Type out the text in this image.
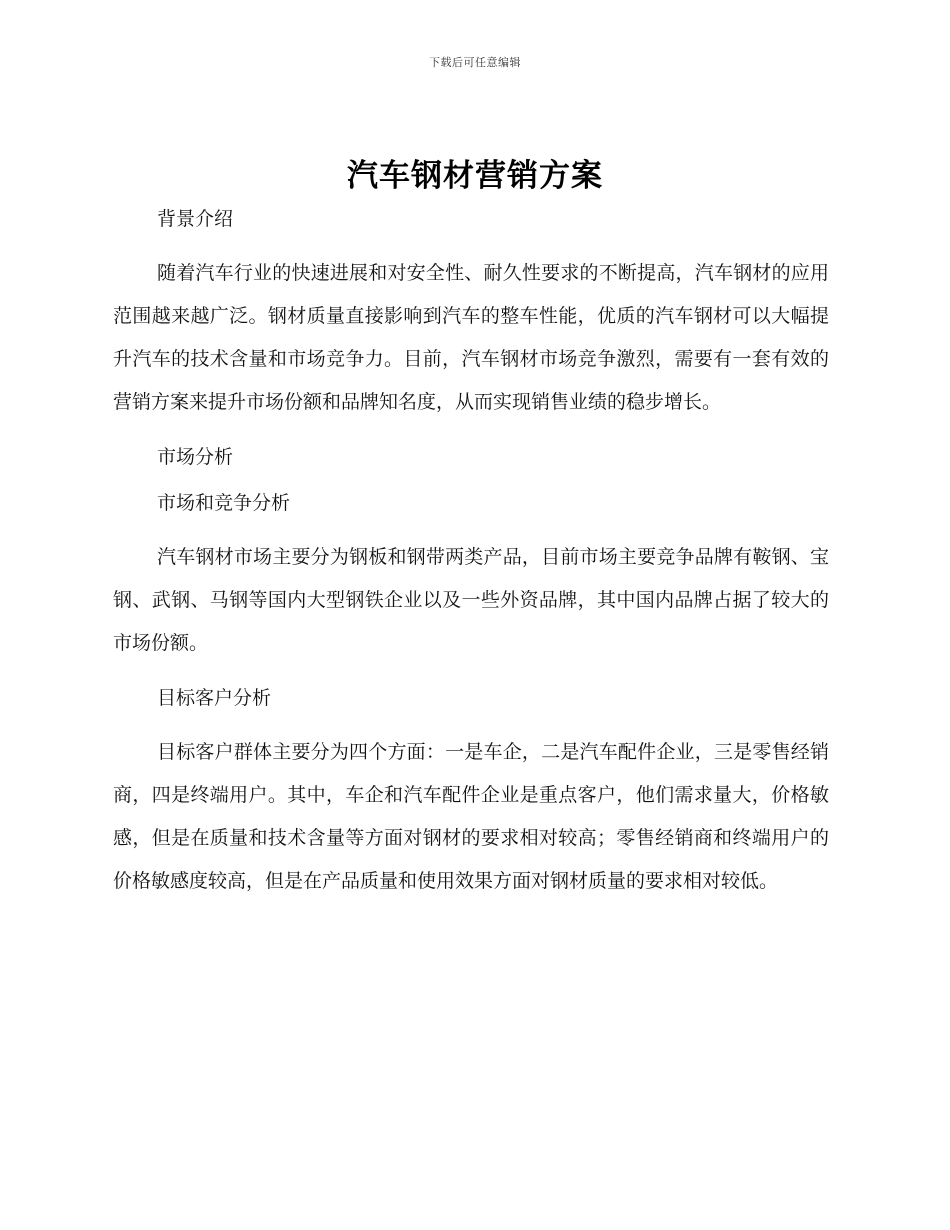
下载后可任意编辑
汽车钢材营销方案

背景介绍

随着汽车行业的快速进展和对安全性、耐久性要求的不断提高，汽车钢材的应用范围越来越广泛。钢材质量直接影响到汽车的整车性能，优质的汽车钢材可以大幅提升汽车的技术含量和市场竞争力。目前，汽车钢材市场竞争激烈，需要有一套有效的营销方案来提升市场份额和品牌知名度，从而实现销售业绩的稳步增长。

市场分析

市场和竞争分析

汽车钢材市场主要分为钢板和钢带两类产品，目前市场主要竞争品牌有鞍钢、宝钢、武钢、马钢等国内大型钢铁企业以及一些外资品牌，其中国内品牌占据了较大的市场份额。

目标客户分析

目标客户群体主要分为四个方面：一是车企，二是汽车配件企业，三是零售经销商，四是终端用户。其中，车企和汽车配件企业是重点客户，他们需求量大，价格敏感，但是在质量和技术含量等方面对钢材的要求相对较高；零售经销商和终端用户的价格敏感度较高，但是在产品质量和使用效果方面对钢材质量的要求相对较低。
